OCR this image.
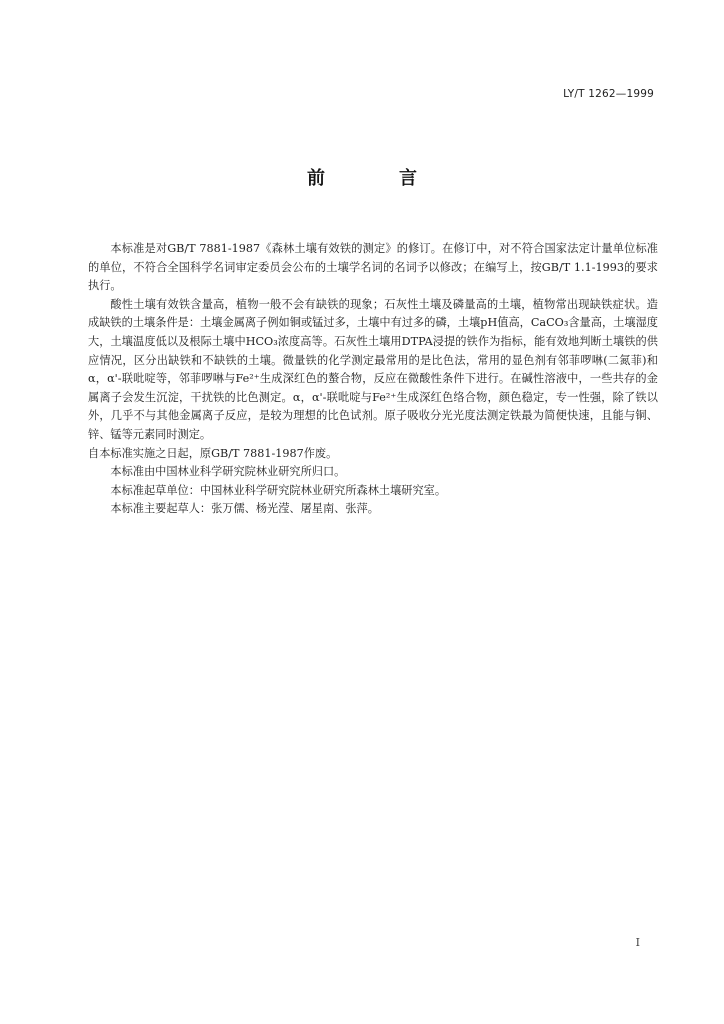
LY/T 1262—1999
前　言

本标准是对GB/T 7881-1987《森林土壤有效铁的测定》的修订。在修订中，对不符合国家法定计量单位标准的单位，不符合全国科学名词审定委员会公布的土壤学名词的名词予以修改；在编写上，按GB/T 1.1-1993的要求执行。

酸性土壤有效铁含量高，植物一般不会有缺铁的现象；石灰性土壤及磷量高的土壤，植物常出现缺铁症状。造成缺铁的土壤条件是：土壤金属离子例如铜或锰过多，土壤中有过多的磷，土壤pH值高，CaCO₃含量高，土壤湿度大，土壤温度低以及根际土壤中HCO₃浓度高等。石灰性土壤用DTPA浸提的铁作为指标，能有效地判断土壤铁的供应情况，区分出缺铁和不缺铁的土壤。微量铁的化学测定最常用的是比色法，常用的显色剂有邻菲啰啉(二氮菲)和α，α'-联吡啶等，邻菲啰啉与Fe²⁺生成深红色的螯合物，反应在微酸性条件下进行。在碱性溶液中，一些共存的金属离子会发生沉淀，干扰铁的比色测定。α，α'-联吡啶与Fe²⁺生成深红色络合物，颜色稳定，专一性强，除了铁以外，几乎不与其他金属离子反应，是较为理想的比色试剂。原子吸收分光光度法测定铁最为简便快速，且能与铜、锌、锰等元素同时测定。

自本标准实施之日起，原GB/T 7881-1987作废。

本标准由中国林业科学研究院林业研究所归口。

本标准起草单位：中国林业科学研究院林业研究所森林土壤研究室。

本标准主要起草人：张万儒、杨光滢、屠星南、张萍。

I
